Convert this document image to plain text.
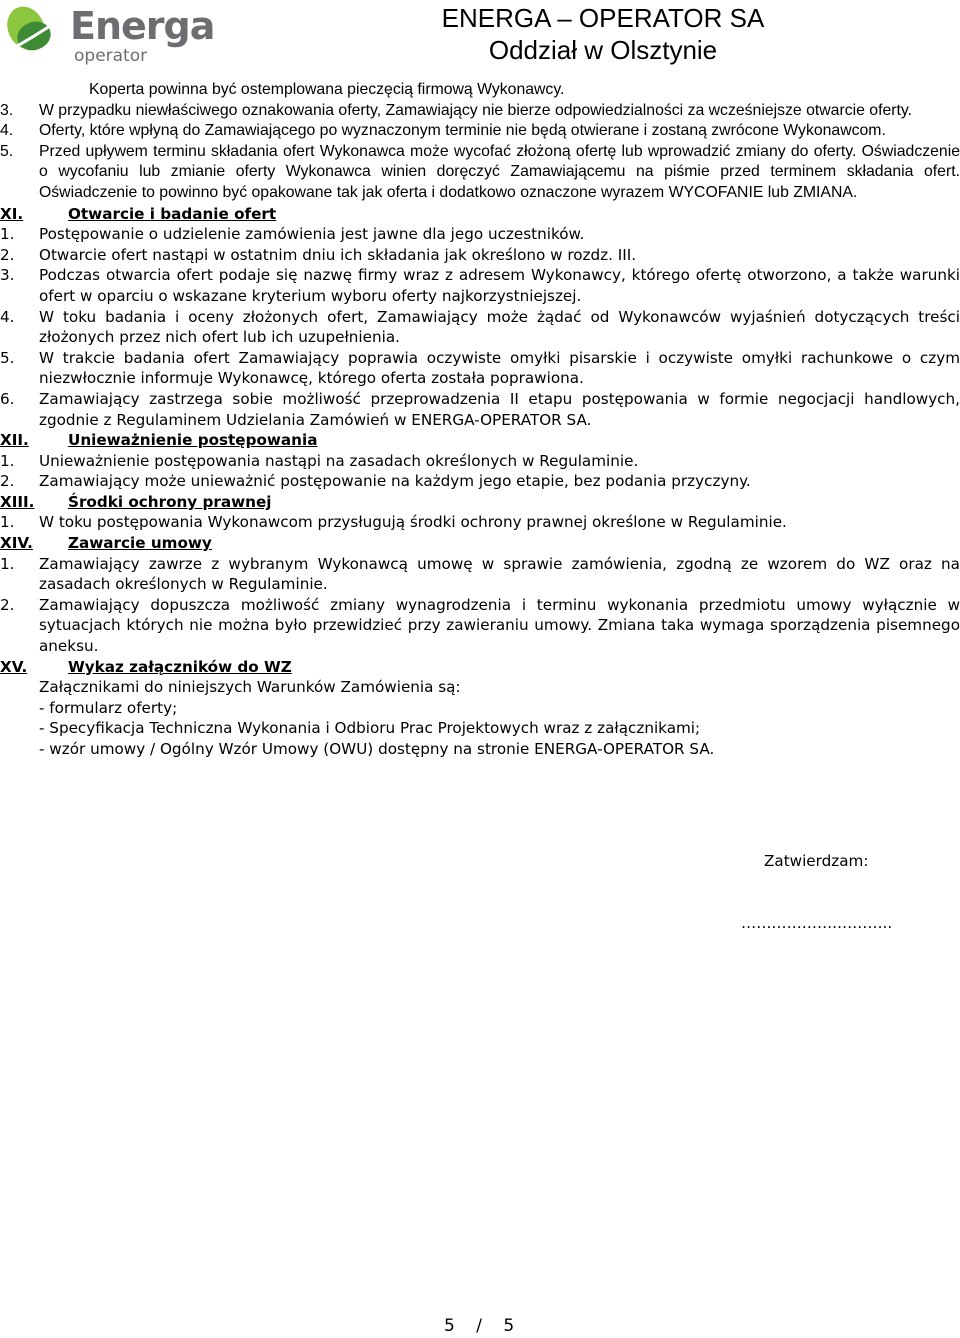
Energa
operator
ENERGA – OPERATOR SA
Oddział w Olsztynie
Koperta powinna być ostemplowana pieczęcią firmową Wykonawcy.
3. W przypadku niewłaściwego oznakowania oferty, Zamawiający nie bierze odpowiedzialności za wcześniejsze otwarcie oferty.
4. Oferty, które wpłyną do Zamawiającego po wyznaczonym terminie nie będą otwierane i zostaną zwrócone Wykonawcom.
5. Przed upływem terminu składania ofert Wykonawca może wycofać złożoną ofertę lub wprowadzić zmiany do oferty. Oświadczenie o wycofaniu lub zmianie oferty Wykonawca winien doręczyć Zamawiającemu na piśmie przed terminem składania ofert. Oświadczenie to powinno być opakowane tak jak oferta i dodatkowo oznaczone wyrazem WYCOFANIE lub ZMIANA.
XI.	Otwarcie i badanie ofert
1. Postępowanie o udzielenie zamówienia jest jawne dla jego uczestników.
2. Otwarcie ofert nastąpi w ostatnim dniu ich składania jak określono w rozdz. III.
3. Podczas otwarcia ofert podaje się nazwę firmy wraz z adresem Wykonawcy, którego ofertę otworzono, a także warunki ofert w oparciu o wskazane kryterium wyboru oferty najkorzystniejszej.
4. W toku badania i oceny złożonych ofert, Zamawiający może żądać od Wykonawców wyjaśnień dotyczących treści złożonych przez nich ofert lub ich uzupełnienia.
5. W trakcie badania ofert Zamawiający poprawia oczywiste omyłki pisarskie i oczywiste omyłki rachunkowe o czym niezwłocznie informuje Wykonawcę, którego oferta została poprawiona.
6. Zamawiający zastrzega sobie możliwość przeprowadzenia II etapu postępowania w formie negocjacji handlowych, zgodnie z Regulaminem Udzielania Zamówień w ENERGA-OPERATOR SA.
XII.	Unieważnienie postępowania
1. Unieważnienie postępowania nastąpi na zasadach określonych w Regulaminie.
2. Zamawiający może unieważnić postępowanie na każdym jego etapie, bez podania przyczyny.
XIII. Środki ochrony prawnej
1. W toku postępowania Wykonawcom przysługują środki ochrony prawnej określone w Regulaminie.
XIV. Zawarcie umowy
1. Zamawiający zawrze z wybranym Wykonawcą umowę w sprawie zamówienia, zgodną ze wzorem do WZ oraz na zasadach określonych w Regulaminie.
2. Zamawiający dopuszcza możliwość zmiany wynagrodzenia i terminu wykonania przedmiotu umowy wyłącznie w sytuacjach których nie można było przewidzieć przy zawieraniu umowy. Zmiana taka wymaga sporządzenia pisemnego aneksu.
XV.	Wykaz załączników do WZ
Załącznikami do niniejszych Warunków Zamówienia są:
- formularz oferty;
- Specyfikacja Techniczna Wykonania i Odbioru Prac Projektowych wraz z załącznikami;
- wzór umowy / Ogólny Wzór Umowy (OWU) dostępny na stronie ENERGA-OPERATOR SA.
Zatwierdzam:
……………….………..
5 / 5
